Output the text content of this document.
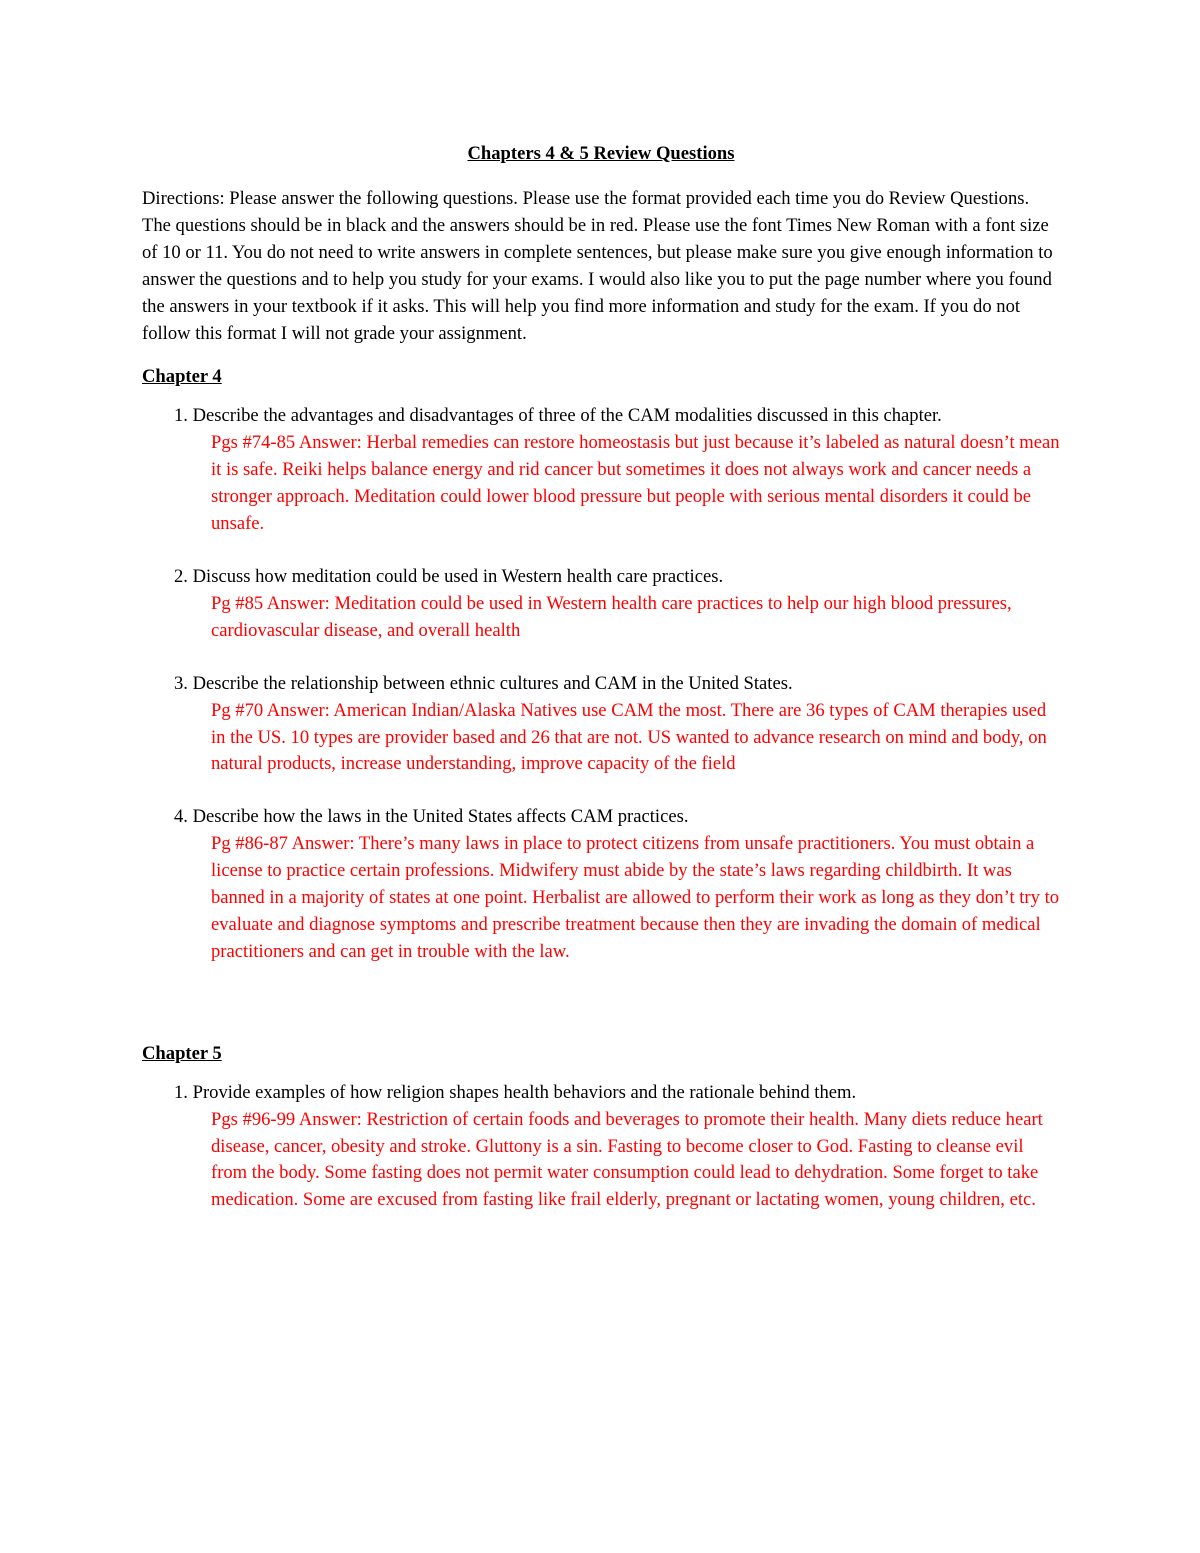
Chapters 4 & 5 Review Questions
Directions: Please answer the following questions. Please use the format provided each time you do Review Questions. The questions should be in black and the answers should be in red. Please use the font Times New Roman with a font size of 10 or 11. You do not need to write answers in complete sentences, but please make sure you give enough information to answer the questions and to help you study for your exams. I would also like you to put the page number where you found the answers in your textbook if it asks. This will help you find more information and study for the exam. If you do not follow this format I will not grade your assignment.
Chapter 4
1. Describe the advantages and disadvantages of three of the CAM modalities discussed in this chapter.
Pgs #74-85 Answer: Herbal remedies can restore homeostasis but just because it’s labeled as natural doesn’t mean it is safe. Reiki helps balance energy and rid cancer but sometimes it does not always work and cancer needs a stronger approach. Meditation could lower blood pressure but people with serious mental disorders it could be unsafe.
2. Discuss how meditation could be used in Western health care practices.
Pg #85 Answer: Meditation could be used in Western health care practices to help our high blood pressures, cardiovascular disease, and overall health
3. Describe the relationship between ethnic cultures and CAM in the United States.
Pg #70 Answer: American Indian/Alaska Natives use CAM the most. There are 36 types of CAM therapies used in the US. 10 types are provider based and 26 that are not. US wanted to advance research on mind and body, on natural products, increase understanding, improve capacity of the field
4. Describe how the laws in the United States affects CAM practices.
Pg #86-87 Answer: There’s many laws in place to protect citizens from unsafe practitioners. You must obtain a license to practice certain professions. Midwifery must abide by the state’s laws regarding childbirth. It was banned in a majority of states at one point. Herbalist are allowed to perform their work as long as they don’t try to evaluate and diagnose symptoms and prescribe treatment because then they are invading the domain of medical practitioners and can get in trouble with the law.
Chapter 5
1. Provide examples of how religion shapes health behaviors and the rationale behind them.
Pgs #96-99 Answer: Restriction of certain foods and beverages to promote their health. Many diets reduce heart disease, cancer, obesity and stroke. Gluttony is a sin. Fasting to become closer to God. Fasting to cleanse evil from the body. Some fasting does not permit water consumption could lead to dehydration. Some forget to take medication. Some are excused from fasting like frail elderly, pregnant or lactating women, young children, etc.
